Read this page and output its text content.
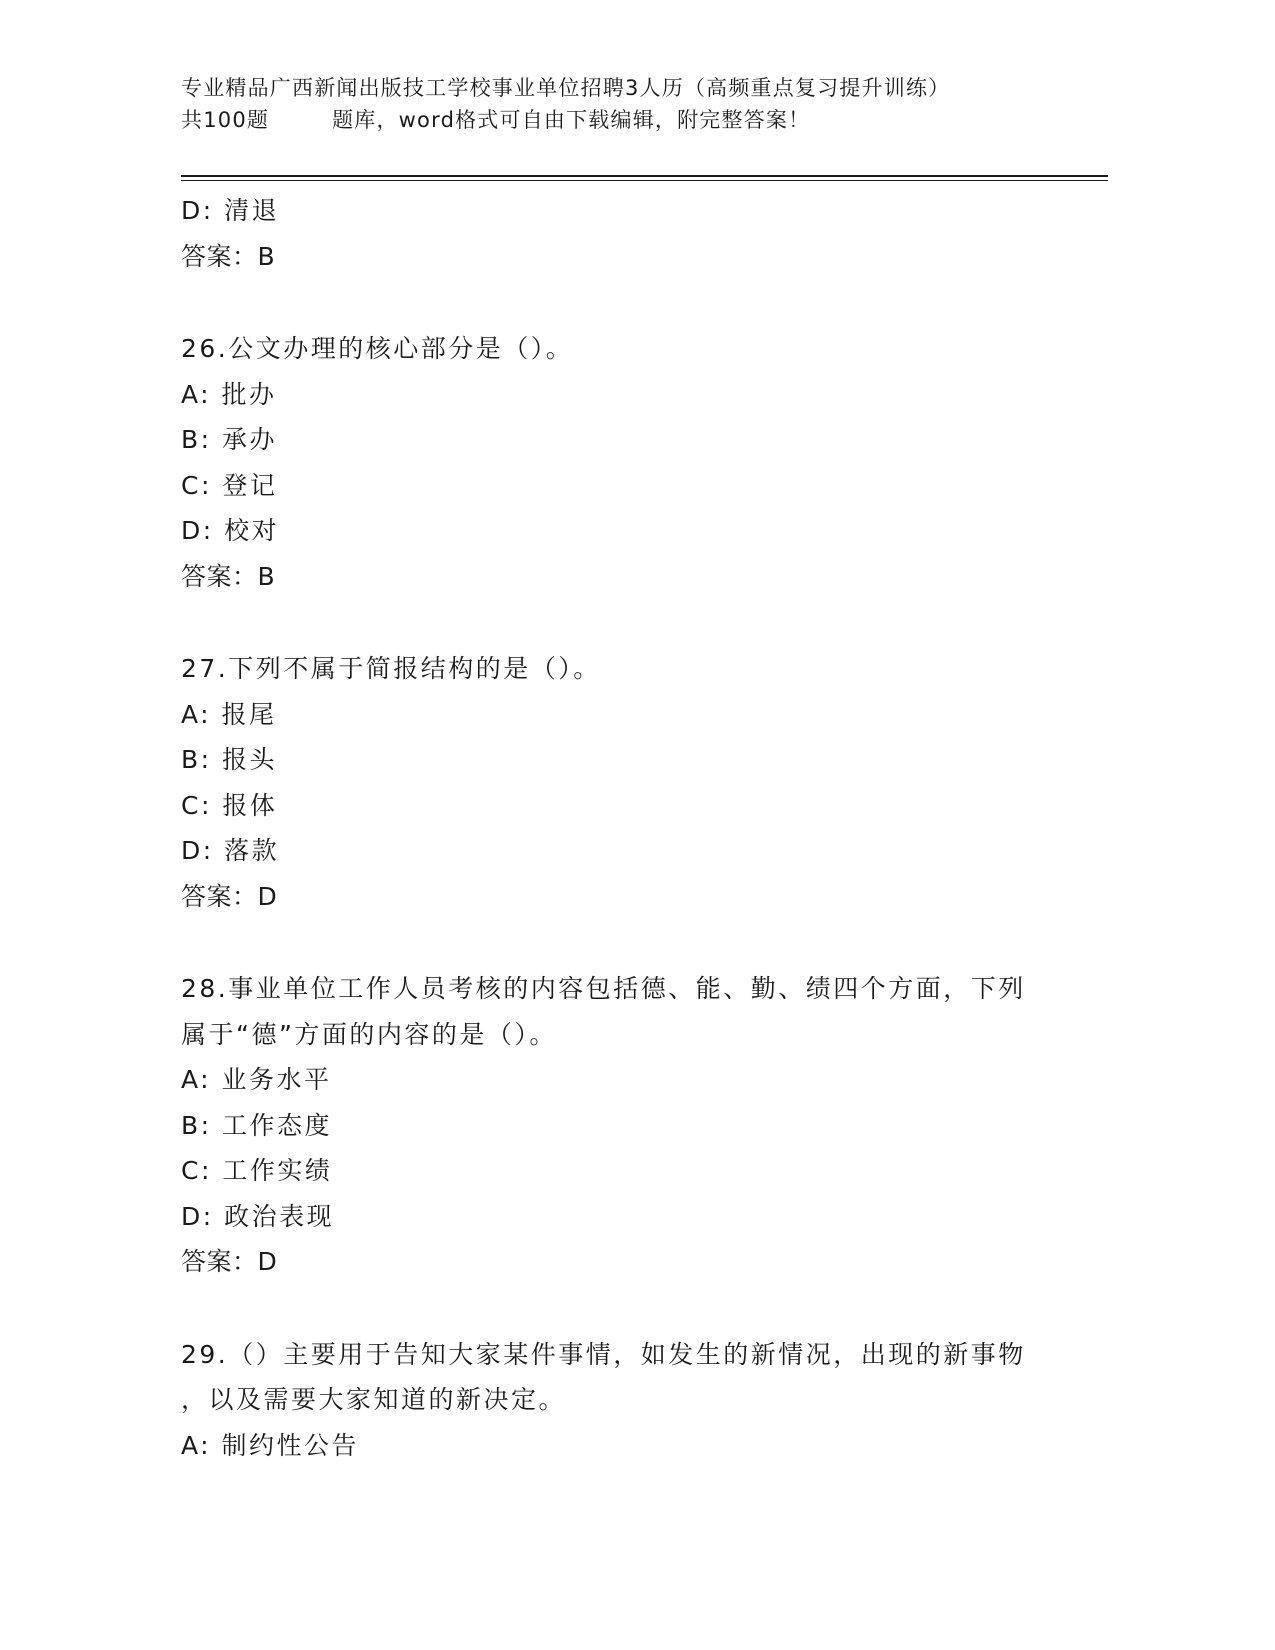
专业精品广西新闻出版技工学校事业单位招聘3人历（高频重点复习提升训练）
共100题        题库，word格式可自由下载编辑，附完整答案！
D: 清退
答案：B
26.公文办理的核心部分是（）。
A: 批办
B: 承办
C: 登记
D: 校对
答案：B
27.下列不属于简报结构的是（）。
A: 报尾
B: 报头
C: 报体
D: 落款
答案：D
28.事业单位工作人员考核的内容包括德、能、勤、绩四个方面，下列
属于“德”方面的内容的是（）。
A: 业务水平
B: 工作态度
C: 工作实绩
D: 政治表现
答案：D
29.（）主要用于告知大家某件事情，如发生的新情况，出现的新事物
，以及需要大家知道的新决定。
A: 制约性公告
